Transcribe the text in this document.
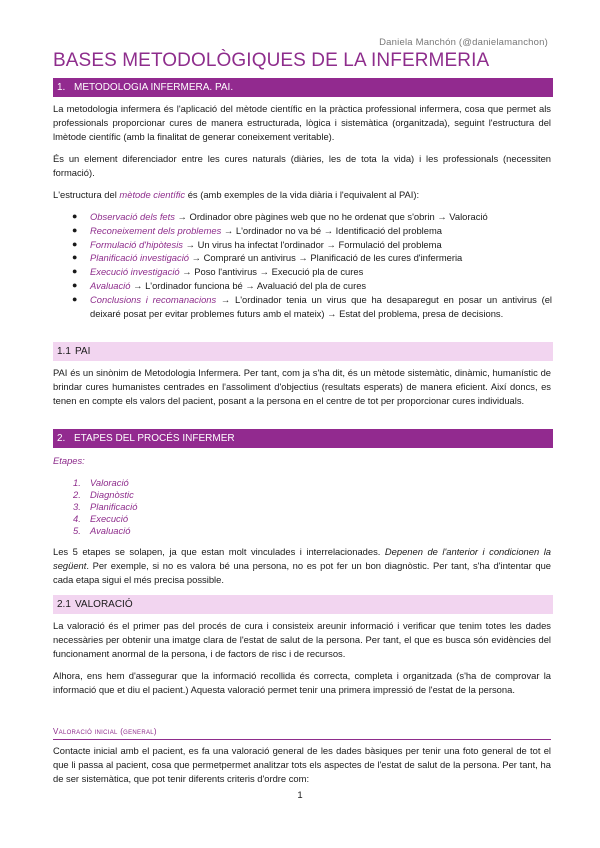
Daniela Manchón (@danielamanchon)
BASES METODOLÒGIQUES DE LA INFERMERIA
1. METODOLOGIA INFERMERA. PAI.
La metodologia infermera és l'aplicació del mètode científic en la pràctica professional infermera, cosa que permet als professionals proporcionar cures de manera estructurada, lògica i sistemàtica (organitzada), seguint l'estructura del lmètode científic (amb la finalitat de generar coneixement veritable).
És un element diferenciador entre les cures naturals (diàries, les de tota la vida) i les professionals (necessiten formació).
L'estructura del mètode científic és (amb exemples de la vida diària i l'equivalent al PAI):
● Observació dels fets → Ordinador obre pàgines web que no he ordenat que s'obrin → Valoració
● Reconeixement dels problemes → L'ordinador no va bé → Identificació del problema
● Formulació d'hipòtesis → Un virus ha infectat l'ordinador → Formulació del problema
● Planificació investigació → Compraré un antivirus → Planificació de les cures d'infermeria
● Execució investigació → Poso l'antivirus → Execució pla de cures
● Avaluació → L'ordinador funciona bé → Avaluació del pla de cures
● Conclusions i recomanacions → L'ordinador tenia un virus que ha desaparegut en posar un antivirus (el deixaré posat per evitar problemes futurs amb el mateix) → Estat del problema, presa de decisions.
1.1 PAI
PAI és un sinònim de Metodologia Infermera. Per tant, com ja s'ha dit, és un mètode sistemàtic, dinàmic, humanístic de brindar cures humanistes centrades en l'assoliment d'objectius (resultats esperats) de manera eficient. Així doncs, es tenen en compte els valors del pacient, posant a la persona en el centre de tot per proporcionar cures individuals.
2. ETAPES DEL PROCÉS INFERMER
Etapes:
1. Valoració
2. Diagnòstic
3. Planificació
4. Execució
5. Avaluació
Les 5 etapes se solapen, ja que estan molt vinculades i interrelacionades. Depenen de l'anterior i condicionen la següent. Per exemple, si no es valora bé una persona, no es pot fer un bon diagnòstic. Per tant, s'ha d'intentar que cada etapa sigui el més precisa possible.
2.1 VALORACIÓ
La valoració és el primer pas del procés de cura i consisteix areunir informació i verificar que tenim totes les dades necessàries per obtenir una imatge clara de l'estat de salut de la persona. Per tant, el que es busca són evidències del funcionament anormal de la persona, i de factors de risc i de recursos.
Alhora, ens hem d'assegurar que la informació recollida és correcta, completa i organitzada (s'ha de comprovar la informació que et diu el pacient.) Aquesta valoració permet tenir una primera impressió de l'estat de la persona.
Valoració inicial (general)
Contacte inicial amb el pacient, es fa una valoració general de les dades bàsiques per tenir una foto general de tot el que li passa al pacient, cosa que permetpermet analitzar tots els aspectes de l'estat de salut de la persona. Per tant, ha de ser sistemàtica, que pot tenir diferents criteris d'ordre com:
1
